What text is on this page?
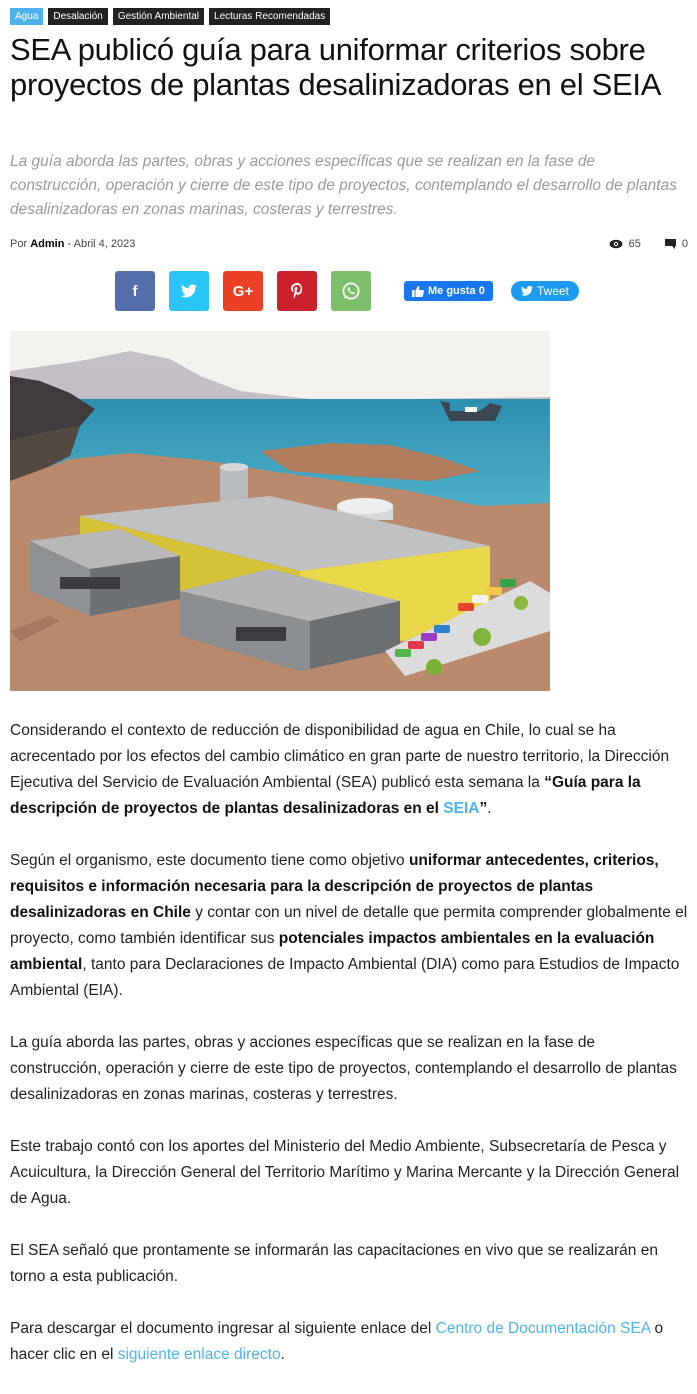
Agua	Desalación	Gestión Ambiental	Lecturas Recomendadas
SEA publicó guía para uniformar criterios sobre proyectos de plantas desalinizadoras en el SEIA
La guía aborda las partes, obras y acciones específicas que se realizan en la fase de construcción, operación y cierre de este tipo de proyectos, contemplando el desarrollo de plantas desalinizadoras en zonas marinas, costeras y terrestres.
Por Admin - Abril 4, 2023	65	0
f	G+	Me gusta 0	Tweet

Considerando el contexto de reducción de disponibilidad de agua en Chile, lo cual se ha acrecentado por los efectos del cambio climático en gran parte de nuestro territorio, la Dirección Ejecutiva del Servicio de Evaluación Ambiental (SEA) publicó esta semana la “Guía para la descripción de proyectos de plantas desalinizadoras en el SEIA”.

Según el organismo, este documento tiene como objetivo uniformar antecedentes, criterios, requisitos e información necesaria para la descripción de proyectos de plantas desalinizadoras en Chile y contar con un nivel de detalle que permita comprender globalmente el proyecto, como también identificar sus potenciales impactos ambientales en la evaluación ambiental, tanto para Declaraciones de Impacto Ambiental (DIA) como para Estudios de Impacto Ambiental (EIA).

La guía aborda las partes, obras y acciones específicas que se realizan en la fase de construcción, operación y cierre de este tipo de proyectos, contemplando el desarrollo de plantas desalinizadoras en zonas marinas, costeras y terrestres.

Este trabajo contó con los aportes del Ministerio del Medio Ambiente, Subsecretaría de Pesca y Acuicultura, la Dirección General del Territorio Marítimo y Marina Mercante y la Dirección General de Agua.

El SEA señaló que prontamente se informarán las capacitaciones en vivo que se realizarán en torno a esta publicación.

Para descargar el documento ingresar al siguiente enlace del Centro de Documentación SEA o hacer clic en el siguiente enlace directo.
